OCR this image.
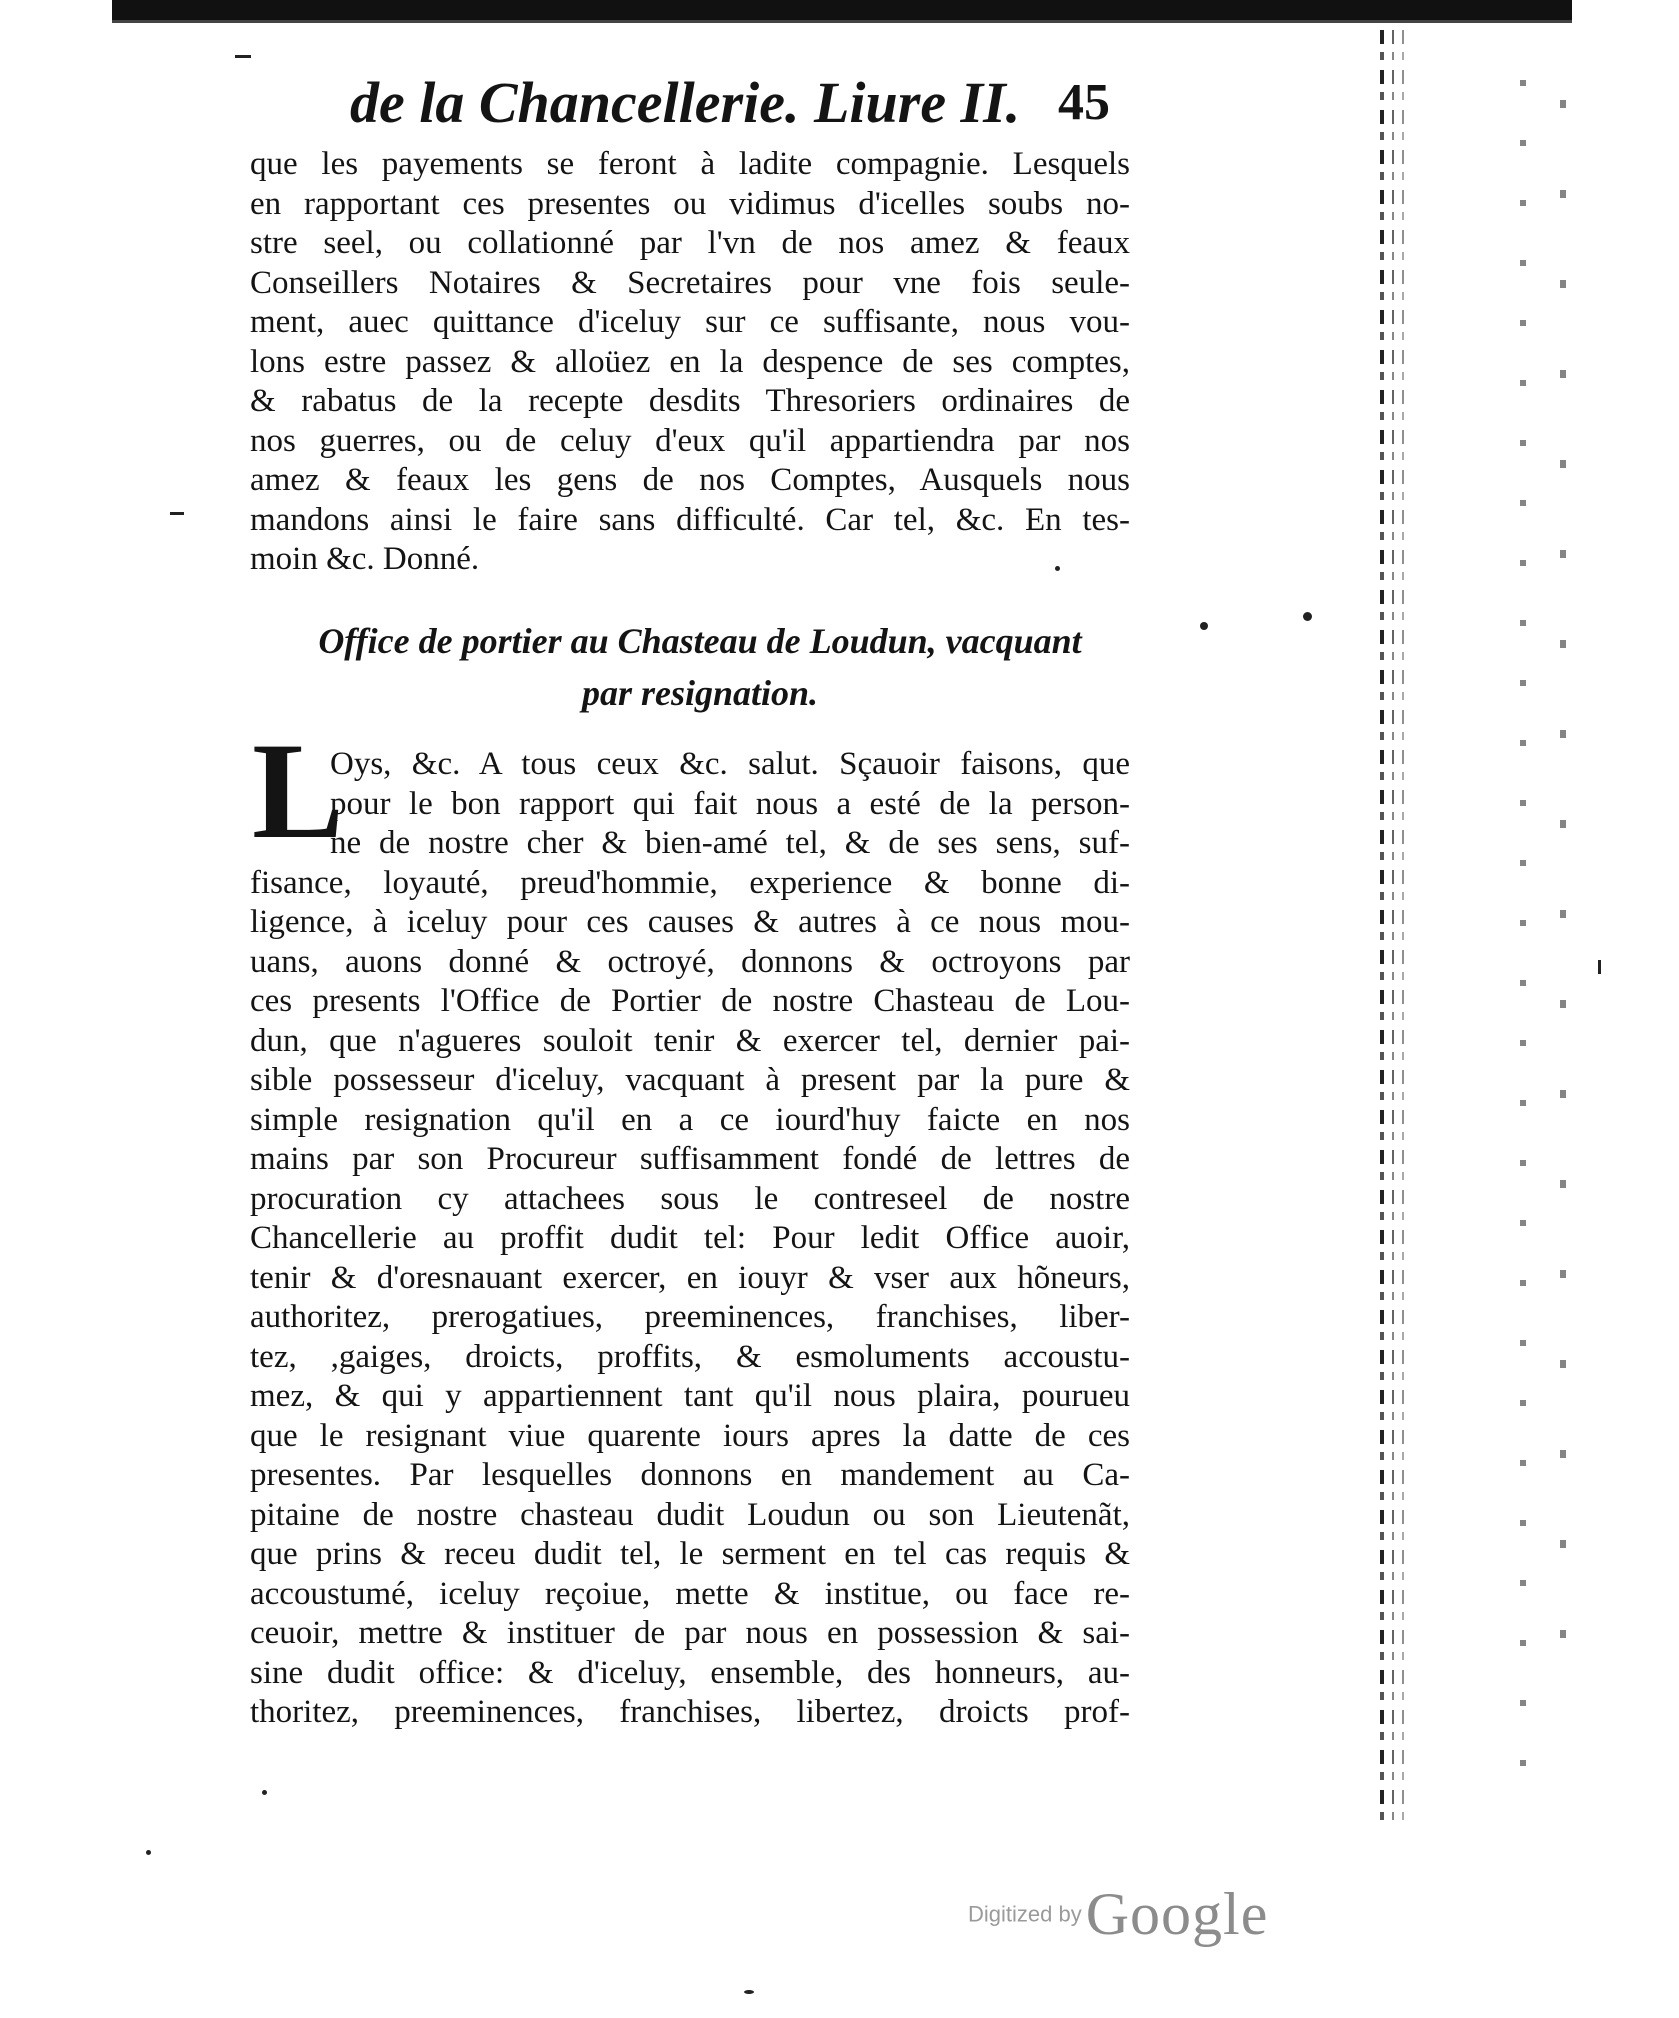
de la Chancellerie. Liure II. 45
que les payements se feront à ladite compagnie. Lesquels
en rapportant ces presentes ou vidimus d'icelles soubs no-
stre seel, ou collationné par l'vn de nos amez & feaux
Conseillers Notaires & Secretaires pour vne fois seule-
ment, auec quittance d'iceluy sur ce suffisante, nous vou-
lons estre passez & alloüez en la despence de ses comptes,
& rabatus de la recepte desdits Thresoriers ordinaires de
nos guerres, ou de celuy d'eux qu'il appartiendra par nos
amez & feaux les gens de nos Comptes, Ausquels nous
mandons ainsi le faire sans difficulté. Car tel, &c. En tes-
moin &c. Donné.
Office de portier au Chasteau de Loudun, vacquant
par resignation.
L
Oys, &c. A tous ceux &c. salut. Sçauoir faisons, que
pour le bon rapport qui fait nous a esté de la person-
ne de nostre cher & bien-amé tel, & de ses sens, suf-
fisance, loyauté, preud'hommie, experience & bonne di-
ligence, à iceluy pour ces causes & autres à ce nous mou-
uans, auons donné & octroyé, donnons & octroyons par
ces presents l'Office de Portier de nostre Chasteau de Lou-
dun, que n'agueres souloit tenir & exercer tel, dernier pai-
sible possesseur d'iceluy, vacquant à present par la pure &
simple resignation qu'il en a ce iourd'huy faicte en nos
mains par son Procureur suffisamment fondé de lettres de
procuration cy attachees sous le contreseel de nostre
Chancellerie au proffit dudit tel: Pour ledit Office auoir,
tenir & d'oresnauant exercer, en iouyr & vser aux hõneurs,
authoritez, prerogatiues, preeminences, franchises, liber-
tez, ,gaiges, droicts, proffits, & esmoluments accoustu-
mez, & qui y appartiennent tant qu'il nous plaira, pourueu
que le resignant viue quarente iours apres la datte de ces
presentes. Par lesquelles donnons en mandement au Ca-
pitaine de nostre chasteau dudit Loudun ou son Lieutenãt,
que prins & receu dudit tel, le serment en tel cas requis &
accoustumé, iceluy reçoiue, mette & institue, ou face re-
ceuoir, mettre & instituer de par nous en possession & sai-
sine dudit office: & d'iceluy, ensemble, des honneurs, au-
thoritez, preeminences, franchises, libertez, droicts prof-
Digitized by Google
